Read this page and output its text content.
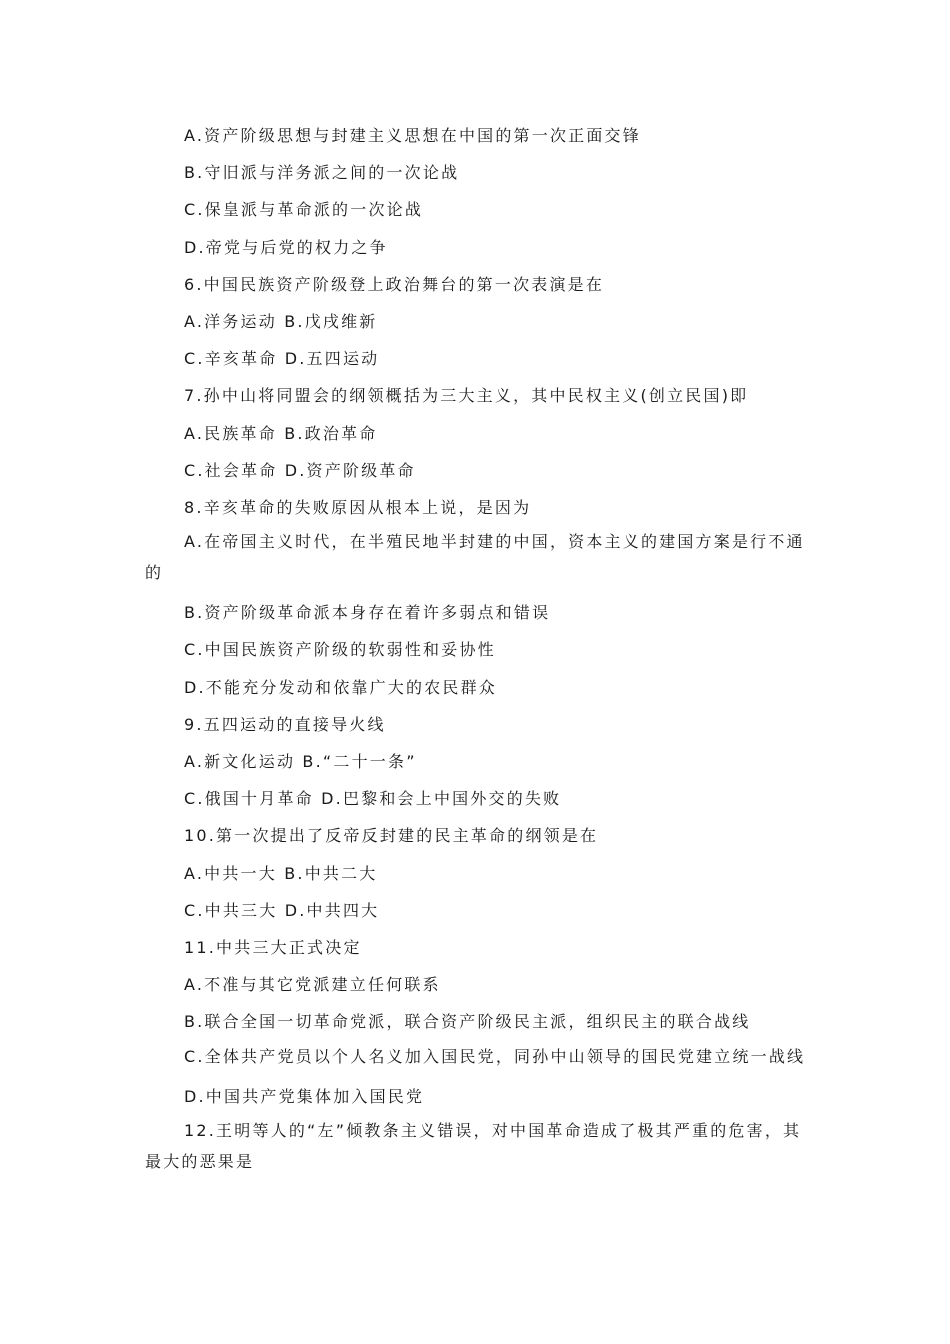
A.资产阶级思想与封建主义思想在中国的第一次正面交锋

B.守旧派与洋务派之间的一次论战

C.保皇派与革命派的一次论战

D.帝党与后党的权力之争

6.中国民族资产阶级登上政治舞台的第一次表演是在

A.洋务运动 B.戊戌维新

C.辛亥革命 D.五四运动

7.孙中山将同盟会的纲领概括为三大主义，其中民权主义(创立民国)即

A.民族革命 B.政治革命

C.社会革命 D.资产阶级革命

8.辛亥革命的失败原因从根本上说，是因为

A.在帝国主义时代，在半殖民地半封建的中国，资本主义的建国方案是行不通的

B.资产阶级革命派本身存在着许多弱点和错误

C.中国民族资产阶级的软弱性和妥协性

D.不能充分发动和依靠广大的农民群众

9.五四运动的直接导火线

A.新文化运动 B.“二十一条”

C.俄国十月革命 D.巴黎和会上中国外交的失败

10.第一次提出了反帝反封建的民主革命的纲领是在

A.中共一大 B.中共二大

C.中共三大 D.中共四大

11.中共三大正式决定

A.不准与其它党派建立任何联系

B.联合全国一切革命党派，联合资产阶级民主派，组织民主的联合战线

C.全体共产党员以个人名义加入国民党，同孙中山领导的国民党建立统一战线

D.中国共产党集体加入国民党

12.王明等人的“左”倾教条主义错误，对中国革命造成了极其严重的危害，其最大的恶果是
